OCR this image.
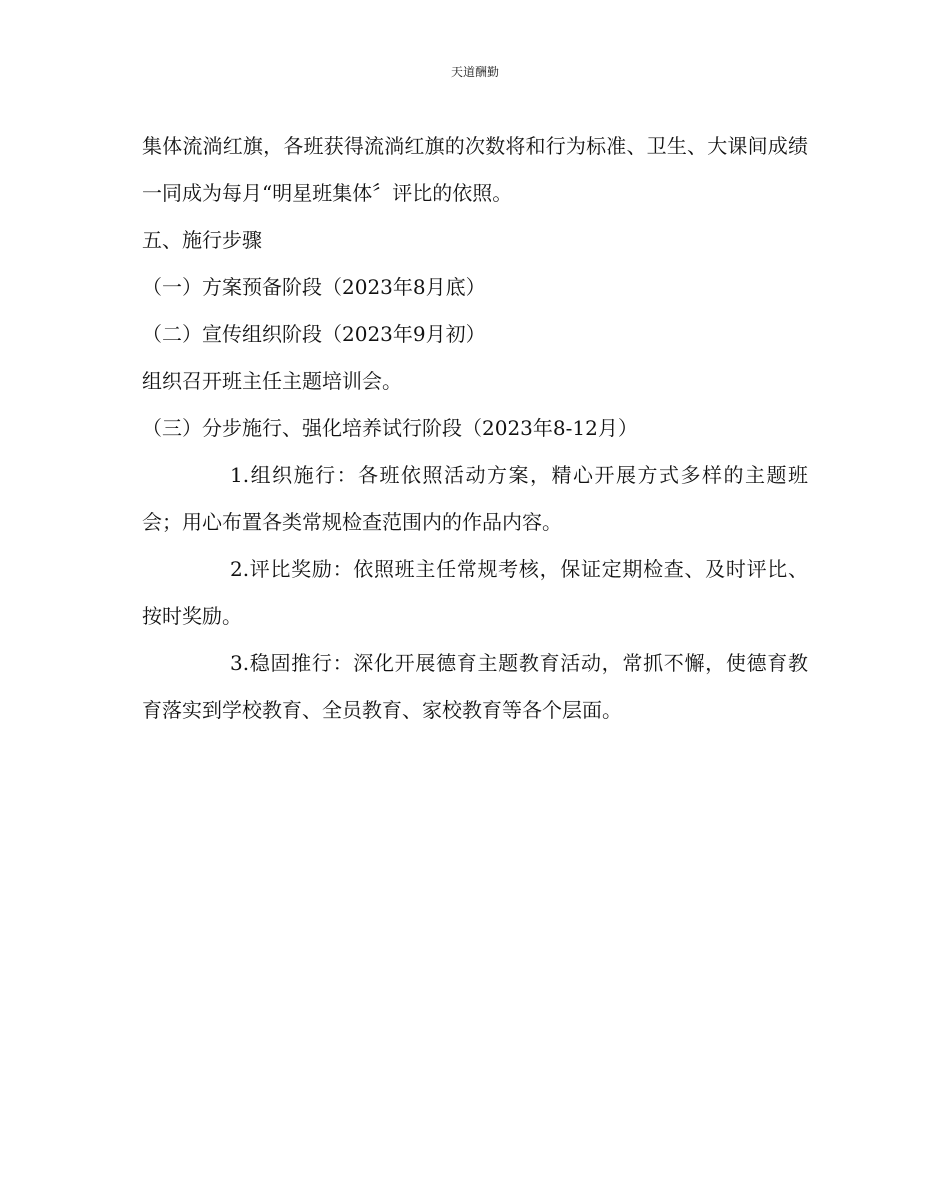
天道酬勤

集体流淌红旗，各班获得流淌红旗的次数将和行为标准、卫生、大课间成绩一同成为每月“明星班集体〞评比的依照。

五、施行步骤

（一）方案预备阶段（2023年8月底）

（二）宣传组织阶段（2023年9月初）

组织召开班主任主题培训会。

（三）分步施行、强化培养试行阶段（2023年8-12月）

1.组织施行：各班依照活动方案，精心开展方式多样的主题班会；用心布置各类常规检查范围内的作品内容。

2.评比奖励：依照班主任常规考核，保证定期检查、及时评比、按时奖励。

3.稳固推行：深化开展德育主题教育活动，常抓不懈，使德育教育落实到学校教育、全员教育、家校教育等各个层面。
